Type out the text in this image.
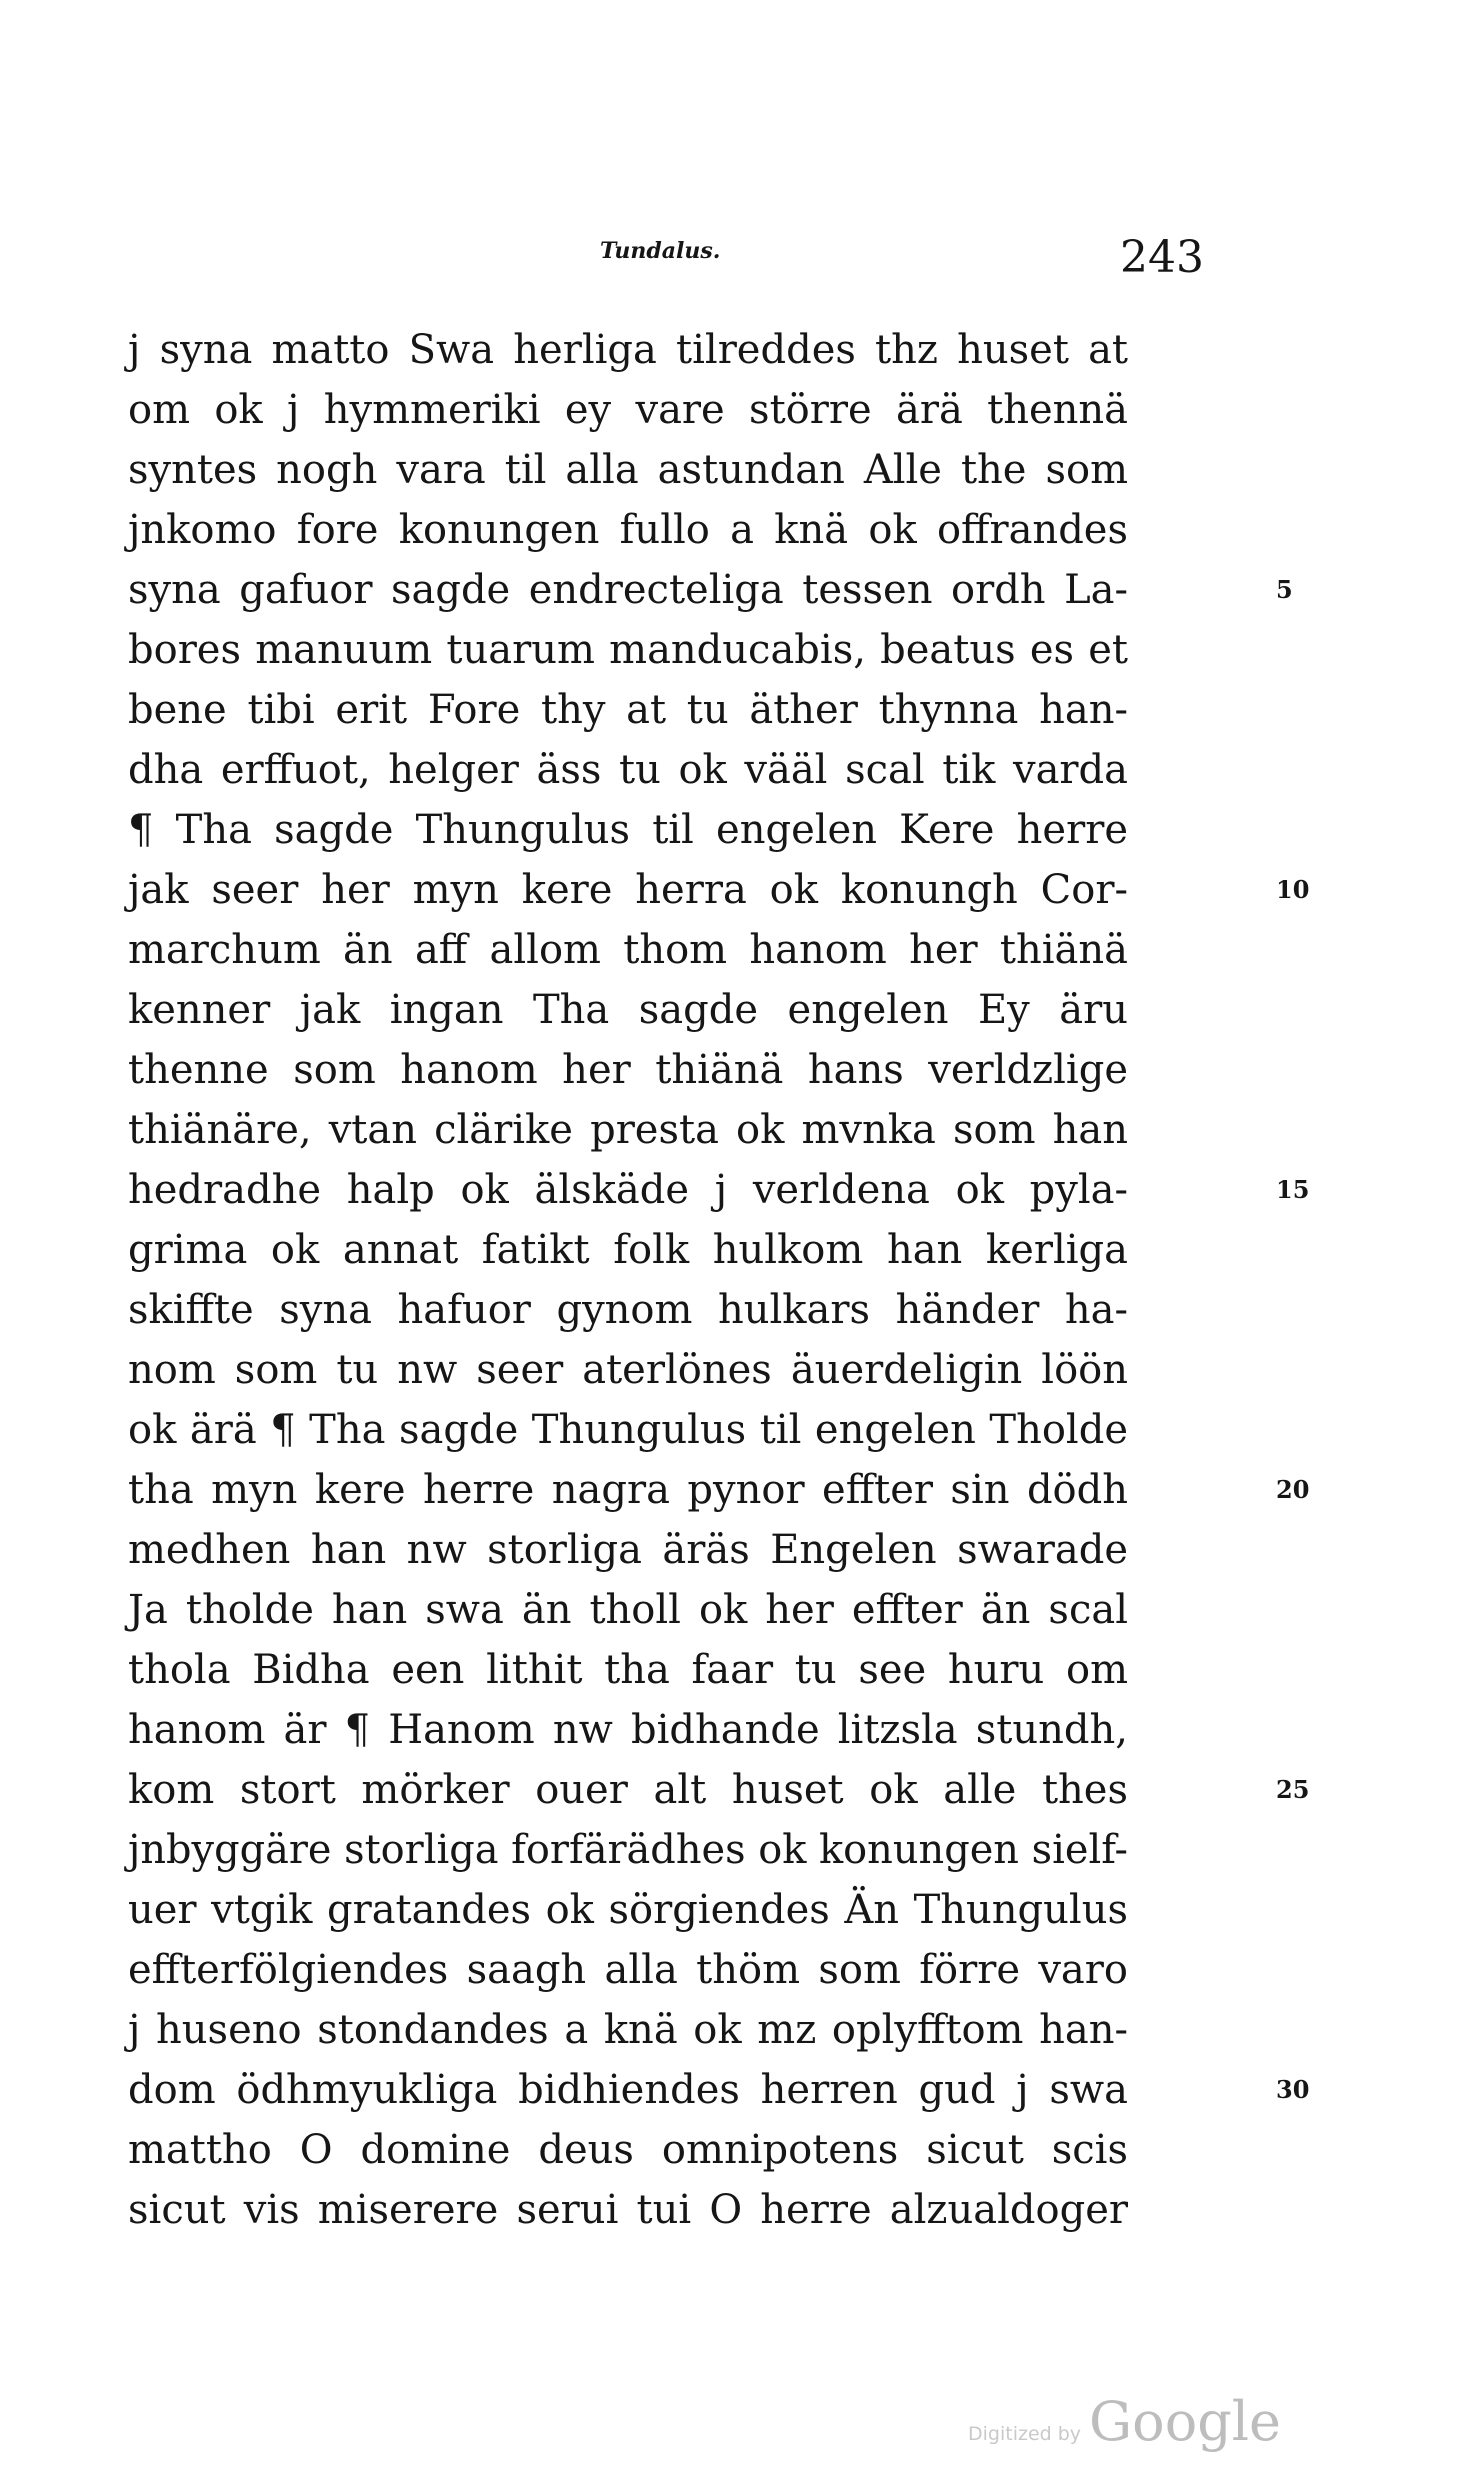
Tundalus.	243
j syna matto Swa herliga tilreddes thz huset at
om ok j hymmeriki ey vare större ärä thennä
syntes nogh vara til alla astundan Alle the som
jnkomo fore konungen fullo a knä ok offrandes
syna gafuor sagde endrecteliga tessen ordh La-	5
bores manuum tuarum manducabis, beatus es et
bene tibi erit Fore thy at tu äther thynna han-
dha erffuot, helger äss tu ok vääl scal tik varda
¶ Tha sagde Thungulus til engelen Kere herre
jak seer her myn kere herra ok konungh Cor-	10
marchum än aff allom thom hanom her thiänä
kenner jak ingan Tha sagde engelen Ey äru
thenne som hanom her thiänä hans verldzlige
thiänäre, vtan clärike presta ok mvnka som han
hedradhe halp ok älskäde j verldena ok pyla-	15
grima ok annat fatikt folk hulkom han kerliga
skiffte syna hafuor gynom hulkars händer ha-
nom som tu nw seer aterlönes äuerdeligin löön
ok ärä ¶ Tha sagde Thungulus til engelen Tholde
tha myn kere herre nagra pynor effter sin dödh	20
medhen han nw storliga äräs Engelen swarade
Ja tholde han swa än tholl ok her effter än scal
thola Bidha een lithit tha faar tu see huru om
hanom är ¶ Hanom nw bidhande litzsla stundh,
kom stort mörker ouer alt huset ok alle thes	25
jnbyggäre storliga forfärädhes ok konungen sielf-
uer vtgik gratandes ok sörgiendes Än Thungulus
effterfölgiendes saagh alla thöm som förre varo
j huseno stondandes a knä ok mz oplyfftom han-
dom ödhmyukliga bidhiendes herren gud j swa	30
mattho O domine deus omnipotens sicut scis
sicut vis miserere serui tui O herre alzualdoger
Digitized by Google
